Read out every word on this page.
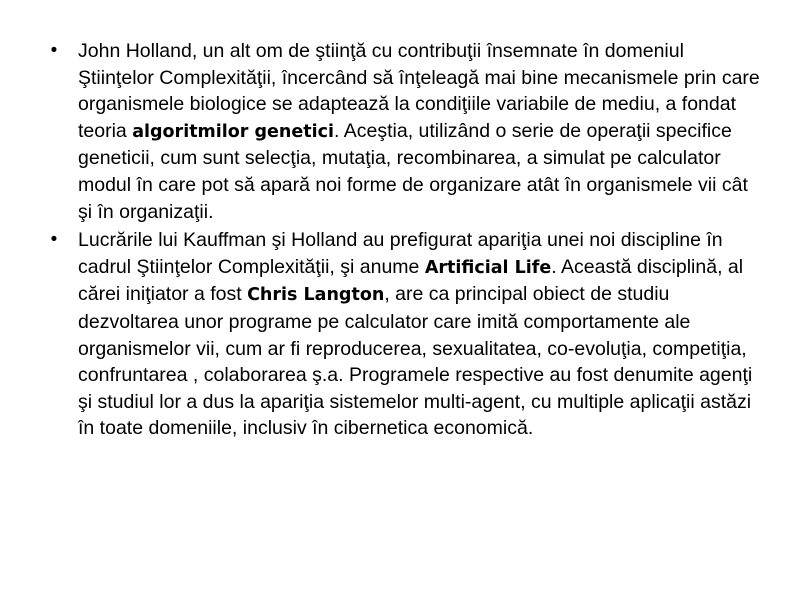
•	John Holland, un alt om de ştiinţă cu contribuţii însemnate în domeniul Ştiinţelor Complexităţii, încercând să înţeleagă mai bine mecanismele prin care organismele biologice se adaptează la condiţiile variabile de mediu, a fondat teoria algoritmilor genetici. Aceştia, utilizând o serie de operaţii specifice geneticii, cum sunt selecţia, mutaţia, recombinarea, a simulat pe calculator modul în care pot să apară noi forme de organizare atât în organismele vii cât şi în organizaţii.
•	Lucrările lui Kauffman şi Holland au prefigurat apariţia unei noi discipline în cadrul Ştiinţelor Complexităţii, şi anume Artificial Life. Această disciplină, al cărei iniţiator a fost Chris Langton, are ca principal obiect de studiu dezvoltarea unor programe pe calculator care imită comportamente ale organismelor vii, cum ar fi reproducerea, sexualitatea, co-evoluţia, competiţia, confruntarea , colaborarea ş.a. Programele respective au fost denumite agenţi şi studiul lor a dus la apariţia sistemelor multi-agent, cu multiple aplicaţii astăzi în toate domeniile, inclusiv în cibernetica economică.
